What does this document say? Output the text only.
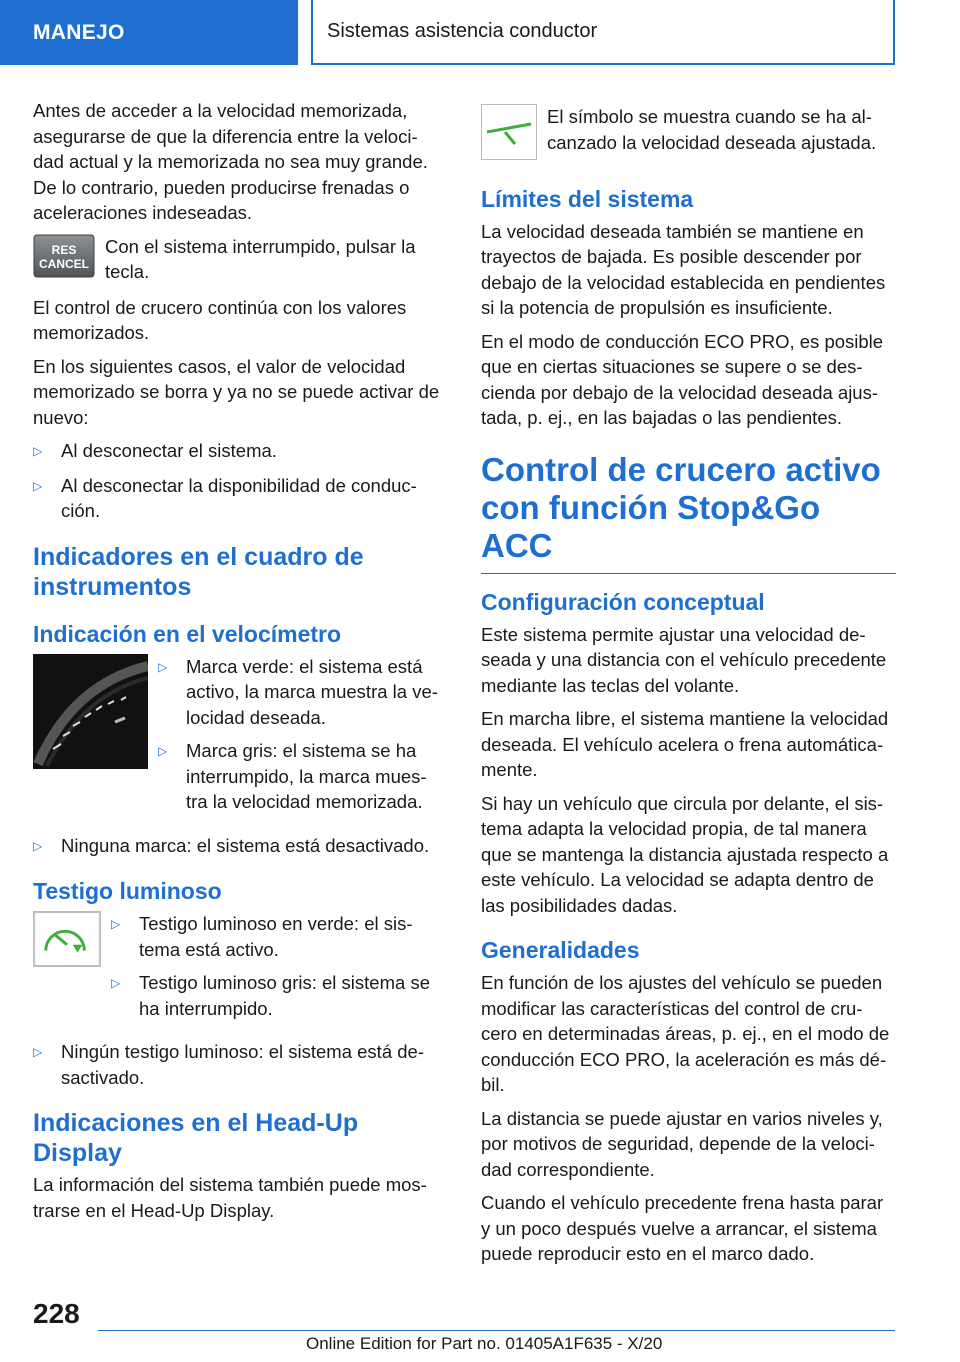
MANEJO	Sistemas asistencia conductor

Antes de acceder a la velocidad memorizada, asegurarse de que la diferencia entre la veloci- dad actual y la memorizada no sea muy grande. De lo contrario, pueden producirse frenadas o aceleraciones indeseadas.

RES
CANCEL
Con el sistema interrumpido, pulsar la tecla.

El control de crucero continúa con los valores memorizados.

En los siguientes casos, el valor de velocidad memorizado se borra y ya no se puede activar de nuevo:

▷	Al desconectar el sistema.
▷	Al desconectar la disponibilidad de conduc- ción.
Indicadores en el cuadro de instrumentos
Indicación en el velocímetro
▷	Marca verde: el sistema está activo, la marca muestra la ve- locidad deseada.
▷	Marca gris: el sistema se ha interrumpido, la marca mues- tra la velocidad memorizada.
▷	Ninguna marca: el sistema está desactivado.
Testigo luminoso
▷	Testigo luminoso en verde: el sis- tema está activo.
▷	Testigo luminoso gris: el sistema se ha interrumpido.
▷	Ningún testigo luminoso: el sistema está de- sactivado.
Indicaciones en el Head-Up Display

La información del sistema también puede mos- trarse en el Head-Up Display.

El símbolo se muestra cuando se ha al- canzado la velocidad deseada ajustada.
Límites del sistema

La velocidad deseada también se mantiene en trayectos de bajada. Es posible descender por debajo de la velocidad establecida en pendientes si la potencia de propulsión es insuficiente.

En el modo de conducción ECO PRO, es posible que en ciertas situaciones se supere o se des- cienda por debajo de la velocidad deseada ajus- tada, p. ej., en las bajadas o las pendientes.

Control de crucero activo con función Stop&Go ACC
Configuración conceptual

Este sistema permite ajustar una velocidad de- seada y una distancia con el vehículo precedente mediante las teclas del volante.

En marcha libre, el sistema mantiene la velocidad deseada. El vehículo acelera o frena automática- mente.

Si hay un vehículo que circula por delante, el sis- tema adapta la velocidad propia, de tal manera que se mantenga la distancia ajustada respecto a este vehículo. La velocidad se adapta dentro de las posibilidades dadas.

Generalidades

En función de los ajustes del vehículo se pueden modificar las características del control de cru- cero en determinadas áreas, p. ej., en el modo de conducción ECO PRO, la aceleración es más dé- bil.

La distancia se puede ajustar en varios niveles y, por motivos de seguridad, depende de la veloci- dad correspondiente.

Cuando el vehículo precedente frena hasta parar y un poco después vuelve a arrancar, el sistema puede reproducir esto en el marco dado.

228
Online Edition for Part no. 01405A1F635 - X/20
